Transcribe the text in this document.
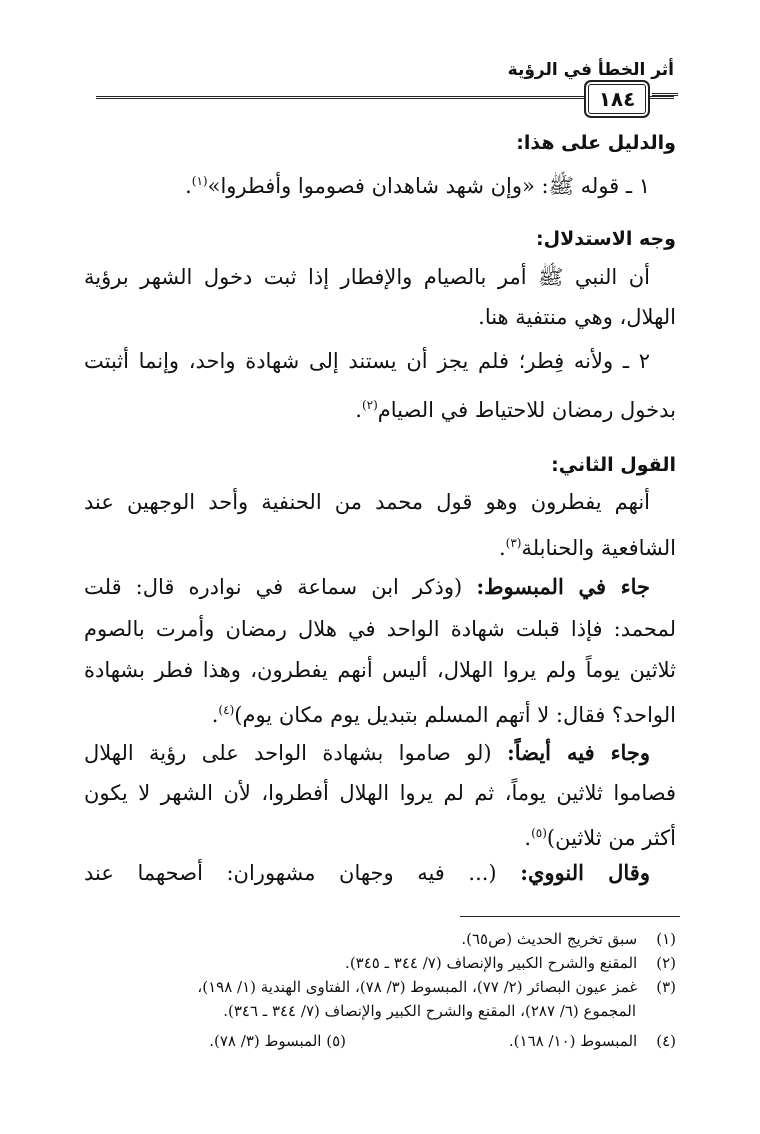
أثر الخطأ في الرؤية
١٨٤
والدليل على هذا:
١ ـ قوله ﷺ: «وإن شهد شاهدان فصوموا وأفطروا»$^{(١)}$.
وجه الاستدلال:
أن النبي ﷺ أمر بالصيام والإفطار إذا ثبت دخول الشهر برؤية
الهلال، وهي منتفية هنا.
٢ ـ ولأنه فِطر؛ فلم يجز أن يستند إلى شهادة واحد، وإنما أثبتت
بدخول رمضان للاحتياط في الصيام$^{(٢)}$.
القول الثاني:
أنهم يفطرون وهو قول محمد من الحنفية وأحد الوجهين عند
الشافعية والحنابلة$^{(٣)}$.
جاء في المبسوط: (وذكر ابن سماعة في نوادره قال: قلت
لمحمد: فإذا قبلت شهادة الواحد في هلال رمضان وأمرت بالصوم
ثلاثين يوماً ولم يروا الهلال، أليس أنهم يفطرون، وهذا فطر بشهادة
الواحد؟ فقال: لا أتهم المسلم بتبديل يوم مكان يوم)$^{(٤)}$.
وجاء فيه أيضاً: (لو صاموا بشهادة الواحد على رؤية الهلال
فصاموا ثلاثين يوماً، ثم لم يروا الهلال أفطروا، لأن الشهر لا يكون
أكثر من ثلاثين)$^{(٥)}$.
وقال النووي: (... فيه وجهان مشهوران: أصحهما عند
(١) سبق تخريج الحديث (ص٦٥).
(٢) المقنع والشرح الكبير والإنصاف (٧/ ٣٤٤ ـ ٣٤٥).
(٣) غمز عيون البصائر (٢/ ٧٧)، المبسوط (٣/ ٧٨)، الفتاوى الهندية (١/ ١٩٨)،
المجموع (٦/ ٢٨٧)، المقنع والشرح الكبير والإنصاف (٧/ ٣٤٤ ـ ٣٤٦).
(٤) المبسوط (١٠/ ١٦٨).
(٥) المبسوط (٣/ ٧٨).
